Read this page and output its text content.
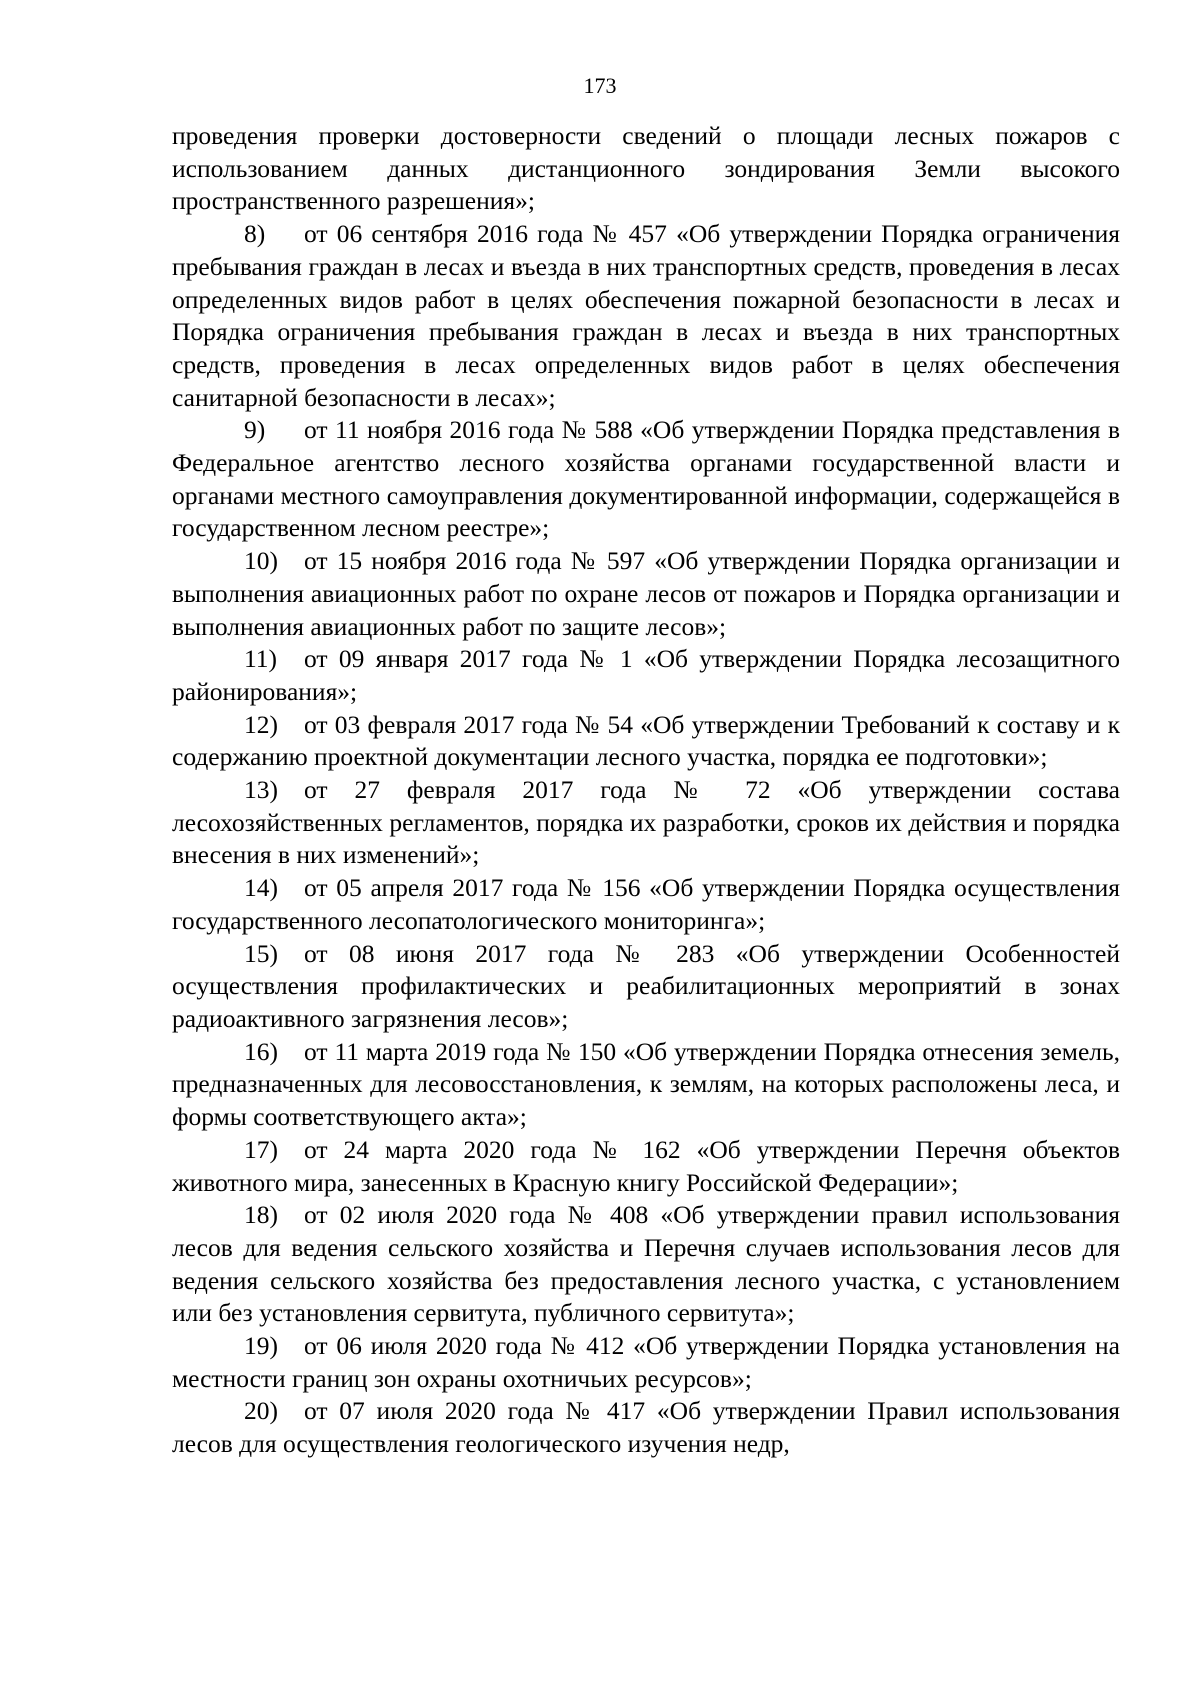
173

проведения проверки достоверности сведений о площади лесных пожаров с использованием данных дистанционного зондирования Земли высокого пространственного разрешения»;

8) от 06 сентября 2016 года № 457 «Об утверждении Порядка ограничения пребывания граждан в лесах и въезда в них транспортных средств, проведения в лесах определенных видов работ в целях обеспечения пожарной безопасности в лесах и Порядка ограничения пребывания граждан в лесах и въезда в них транспортных средств, проведения в лесах определенных видов работ в целях обеспечения санитарной безопасности в лесах»;

9) от 11 ноября 2016 года № 588 «Об утверждении Порядка представления в Федеральное агентство лесного хозяйства органами государственной власти и органами местного самоуправления документированной информации, содержащейся в государственном лесном реестре»;

10) от 15 ноября 2016 года № 597 «Об утверждении Порядка организации и выполнения авиационных работ по охране лесов от пожаров и Порядка организации и выполнения авиационных работ по защите лесов»;

11) от 09 января 2017 года № 1 «Об утверждении Порядка лесозащитного районирования»;

12) от 03 февраля 2017 года № 54 «Об утверждении Требований к составу и к содержанию проектной документации лесного участка, порядка ее подготовки»;

13) от 27 февраля 2017 года № 72 «Об утверждении состава лесохозяйственных регламентов, порядка их разработки, сроков их действия и порядка внесения в них изменений»;

14) от 05 апреля 2017 года № 156 «Об утверждении Порядка осуществления государственного лесопатологического мониторинга»;

15) от 08 июня 2017 года № 283 «Об утверждении Особенностей осуществления профилактических и реабилитационных мероприятий в зонах радиоактивного загрязнения лесов»;

16) от 11 марта 2019 года № 150 «Об утверждении Порядка отнесения земель, предназначенных для лесовосстановления, к землям, на которых расположены леса, и формы соответствующего акта»;

17) от 24 марта 2020 года № 162 «Об утверждении Перечня объектов животного мира, занесенных в Красную книгу Российской Федерации»;

18) от 02 июля 2020 года № 408 «Об утверждении правил использования лесов для ведения сельского хозяйства и Перечня случаев использования лесов для ведения сельского хозяйства без предоставления лесного участка, с установлением или без установления сервитута, публичного сервитута»;

19) от 06 июля 2020 года № 412 «Об утверждении Порядка установления на местности границ зон охраны охотничьих ресурсов»;

20) от 07 июля 2020 года № 417 «Об утверждении Правил использования лесов для осуществления геологического изучения недр,
